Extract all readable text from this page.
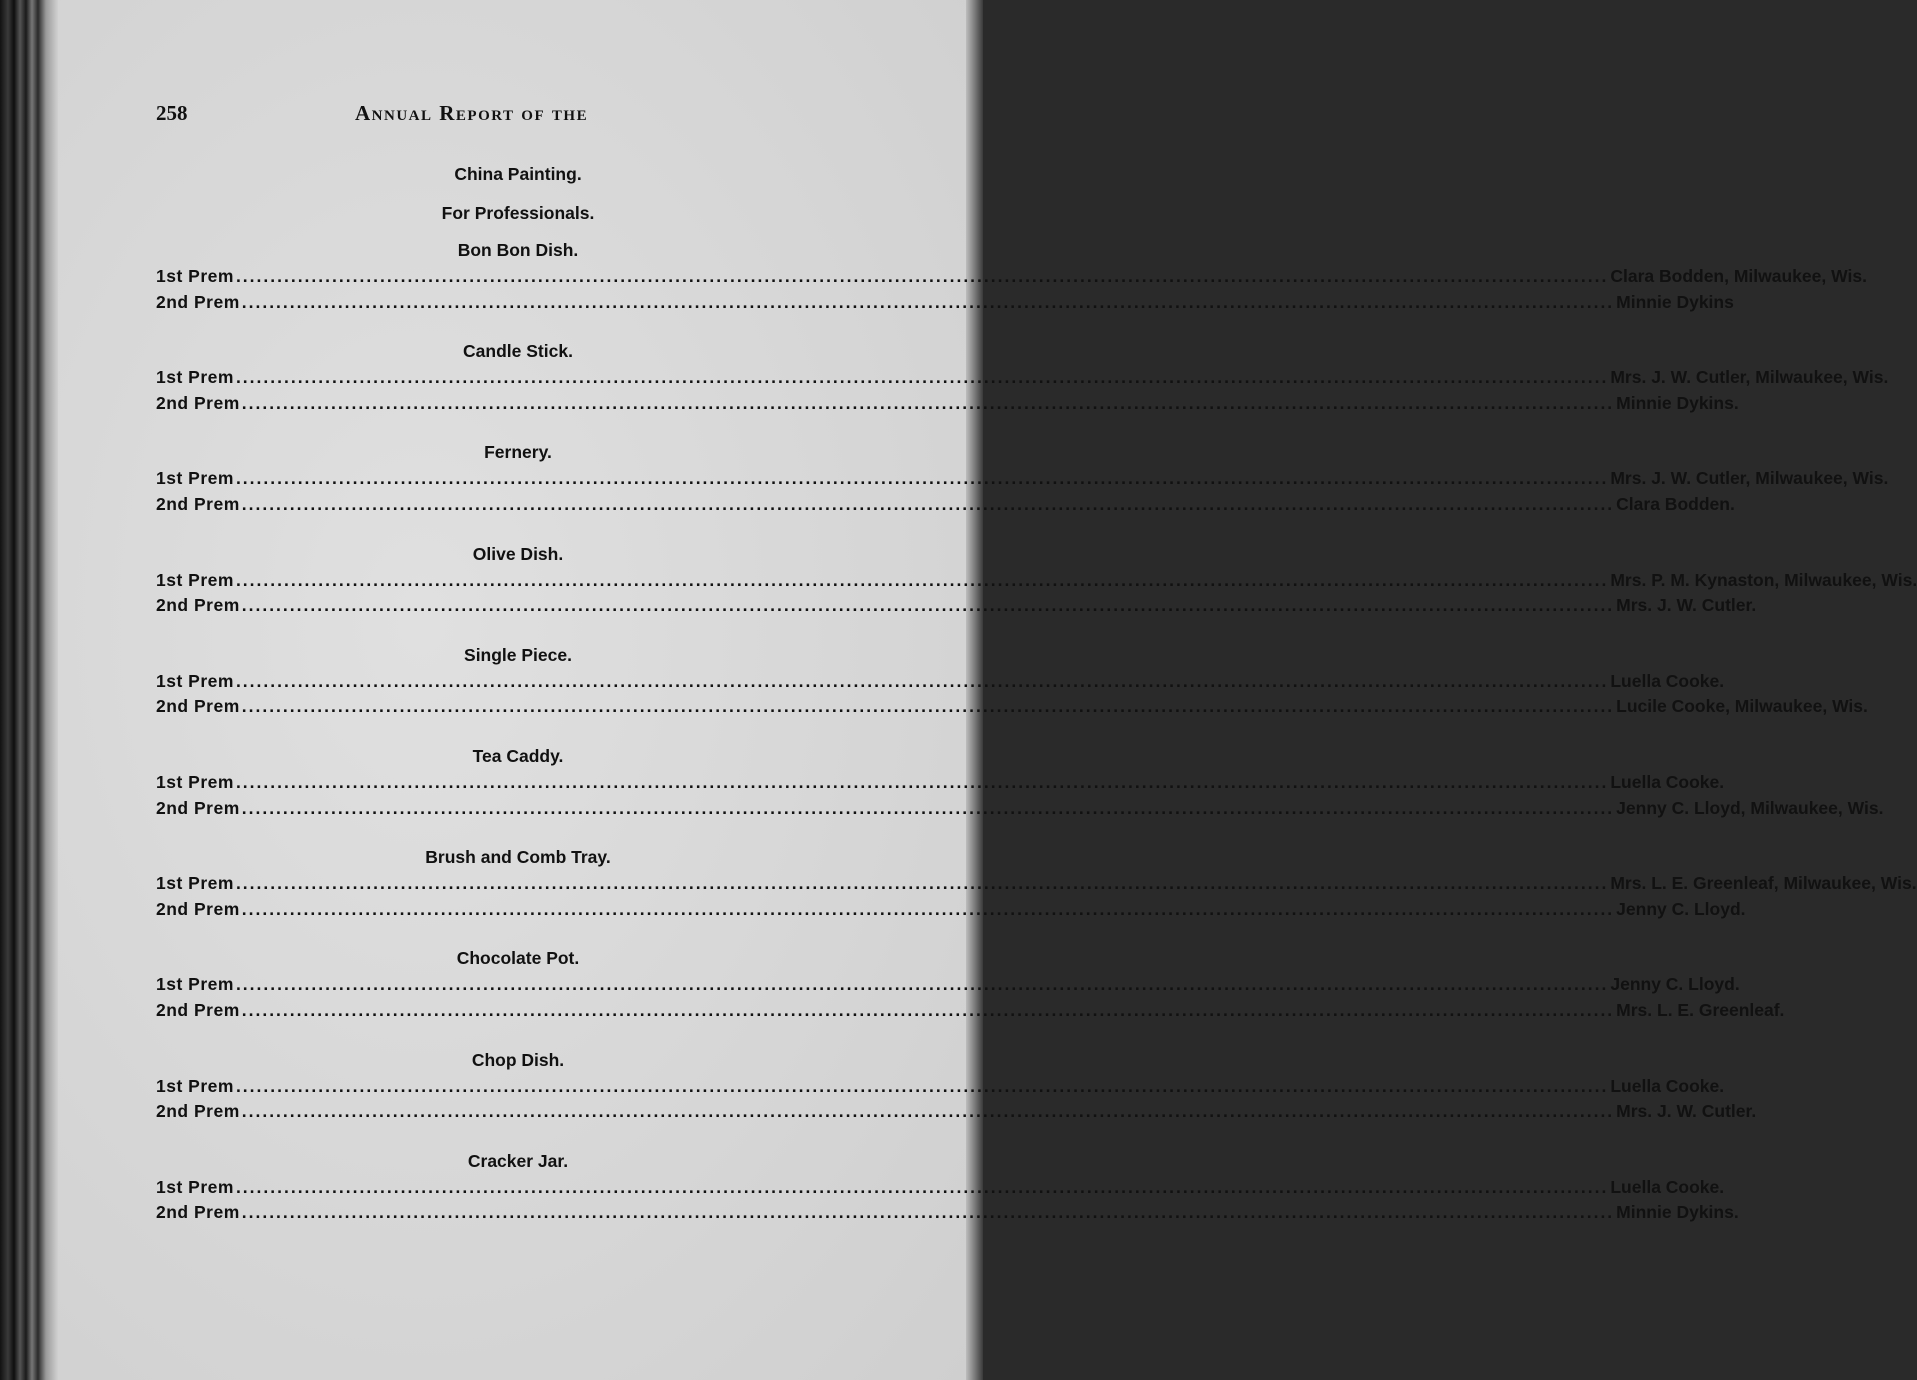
258	Annual Report of the
China Painting.
For Professionals.
Bon Bon Dish.
1st Prem ........................................................................................................................................................................................................ Clara Bodden, Milwaukee, Wis.
2nd Prem ........................................................................................................................................................................................................ Minnie Dykins
Candle Stick.
1st Prem ........................................................................................................................................................................................................ Mrs. J. W. Cutler, Milwaukee, Wis.
2nd Prem ........................................................................................................................................................................................................ Minnie Dykins.
Fernery.
1st Prem ........................................................................................................................................................................................................ Mrs. J. W. Cutler, Milwaukee, Wis.
2nd Prem ........................................................................................................................................................................................................ Clara Bodden.
Olive Dish.
1st Prem ........................................................................................................................................................................................................ Mrs. P. M. Kynaston, Milwaukee, Wis.
2nd Prem ........................................................................................................................................................................................................ Mrs. J. W. Cutler.
Single Piece.
1st Prem ........................................................................................................................................................................................................ Luella Cooke.
2nd Prem ........................................................................................................................................................................................................ Lucile Cooke, Milwaukee, Wis.
Tea Caddy.
1st Prem ........................................................................................................................................................................................................ Luella Cooke.
2nd Prem ........................................................................................................................................................................................................ Jenny C. Lloyd, Milwaukee, Wis.
Brush and Comb Tray.
1st Prem ........................................................................................................................................................................................................ Mrs. L. E. Greenleaf, Milwaukee, Wis.
2nd Prem ........................................................................................................................................................................................................ Jenny C. Lloyd.
Chocolate Pot.
1st Prem ........................................................................................................................................................................................................ Jenny C. Lloyd.
2nd Prem ........................................................................................................................................................................................................ Mrs. L. E. Greenleaf.
Chop Dish.
1st Prem ........................................................................................................................................................................................................ Luella Cooke.
2nd Prem ........................................................................................................................................................................................................ Mrs. J. W. Cutler.
Cracker Jar.
1st Prem ........................................................................................................................................................................................................ Luella Cooke.
2nd Prem ........................................................................................................................................................................................................ Minnie Dykins.
